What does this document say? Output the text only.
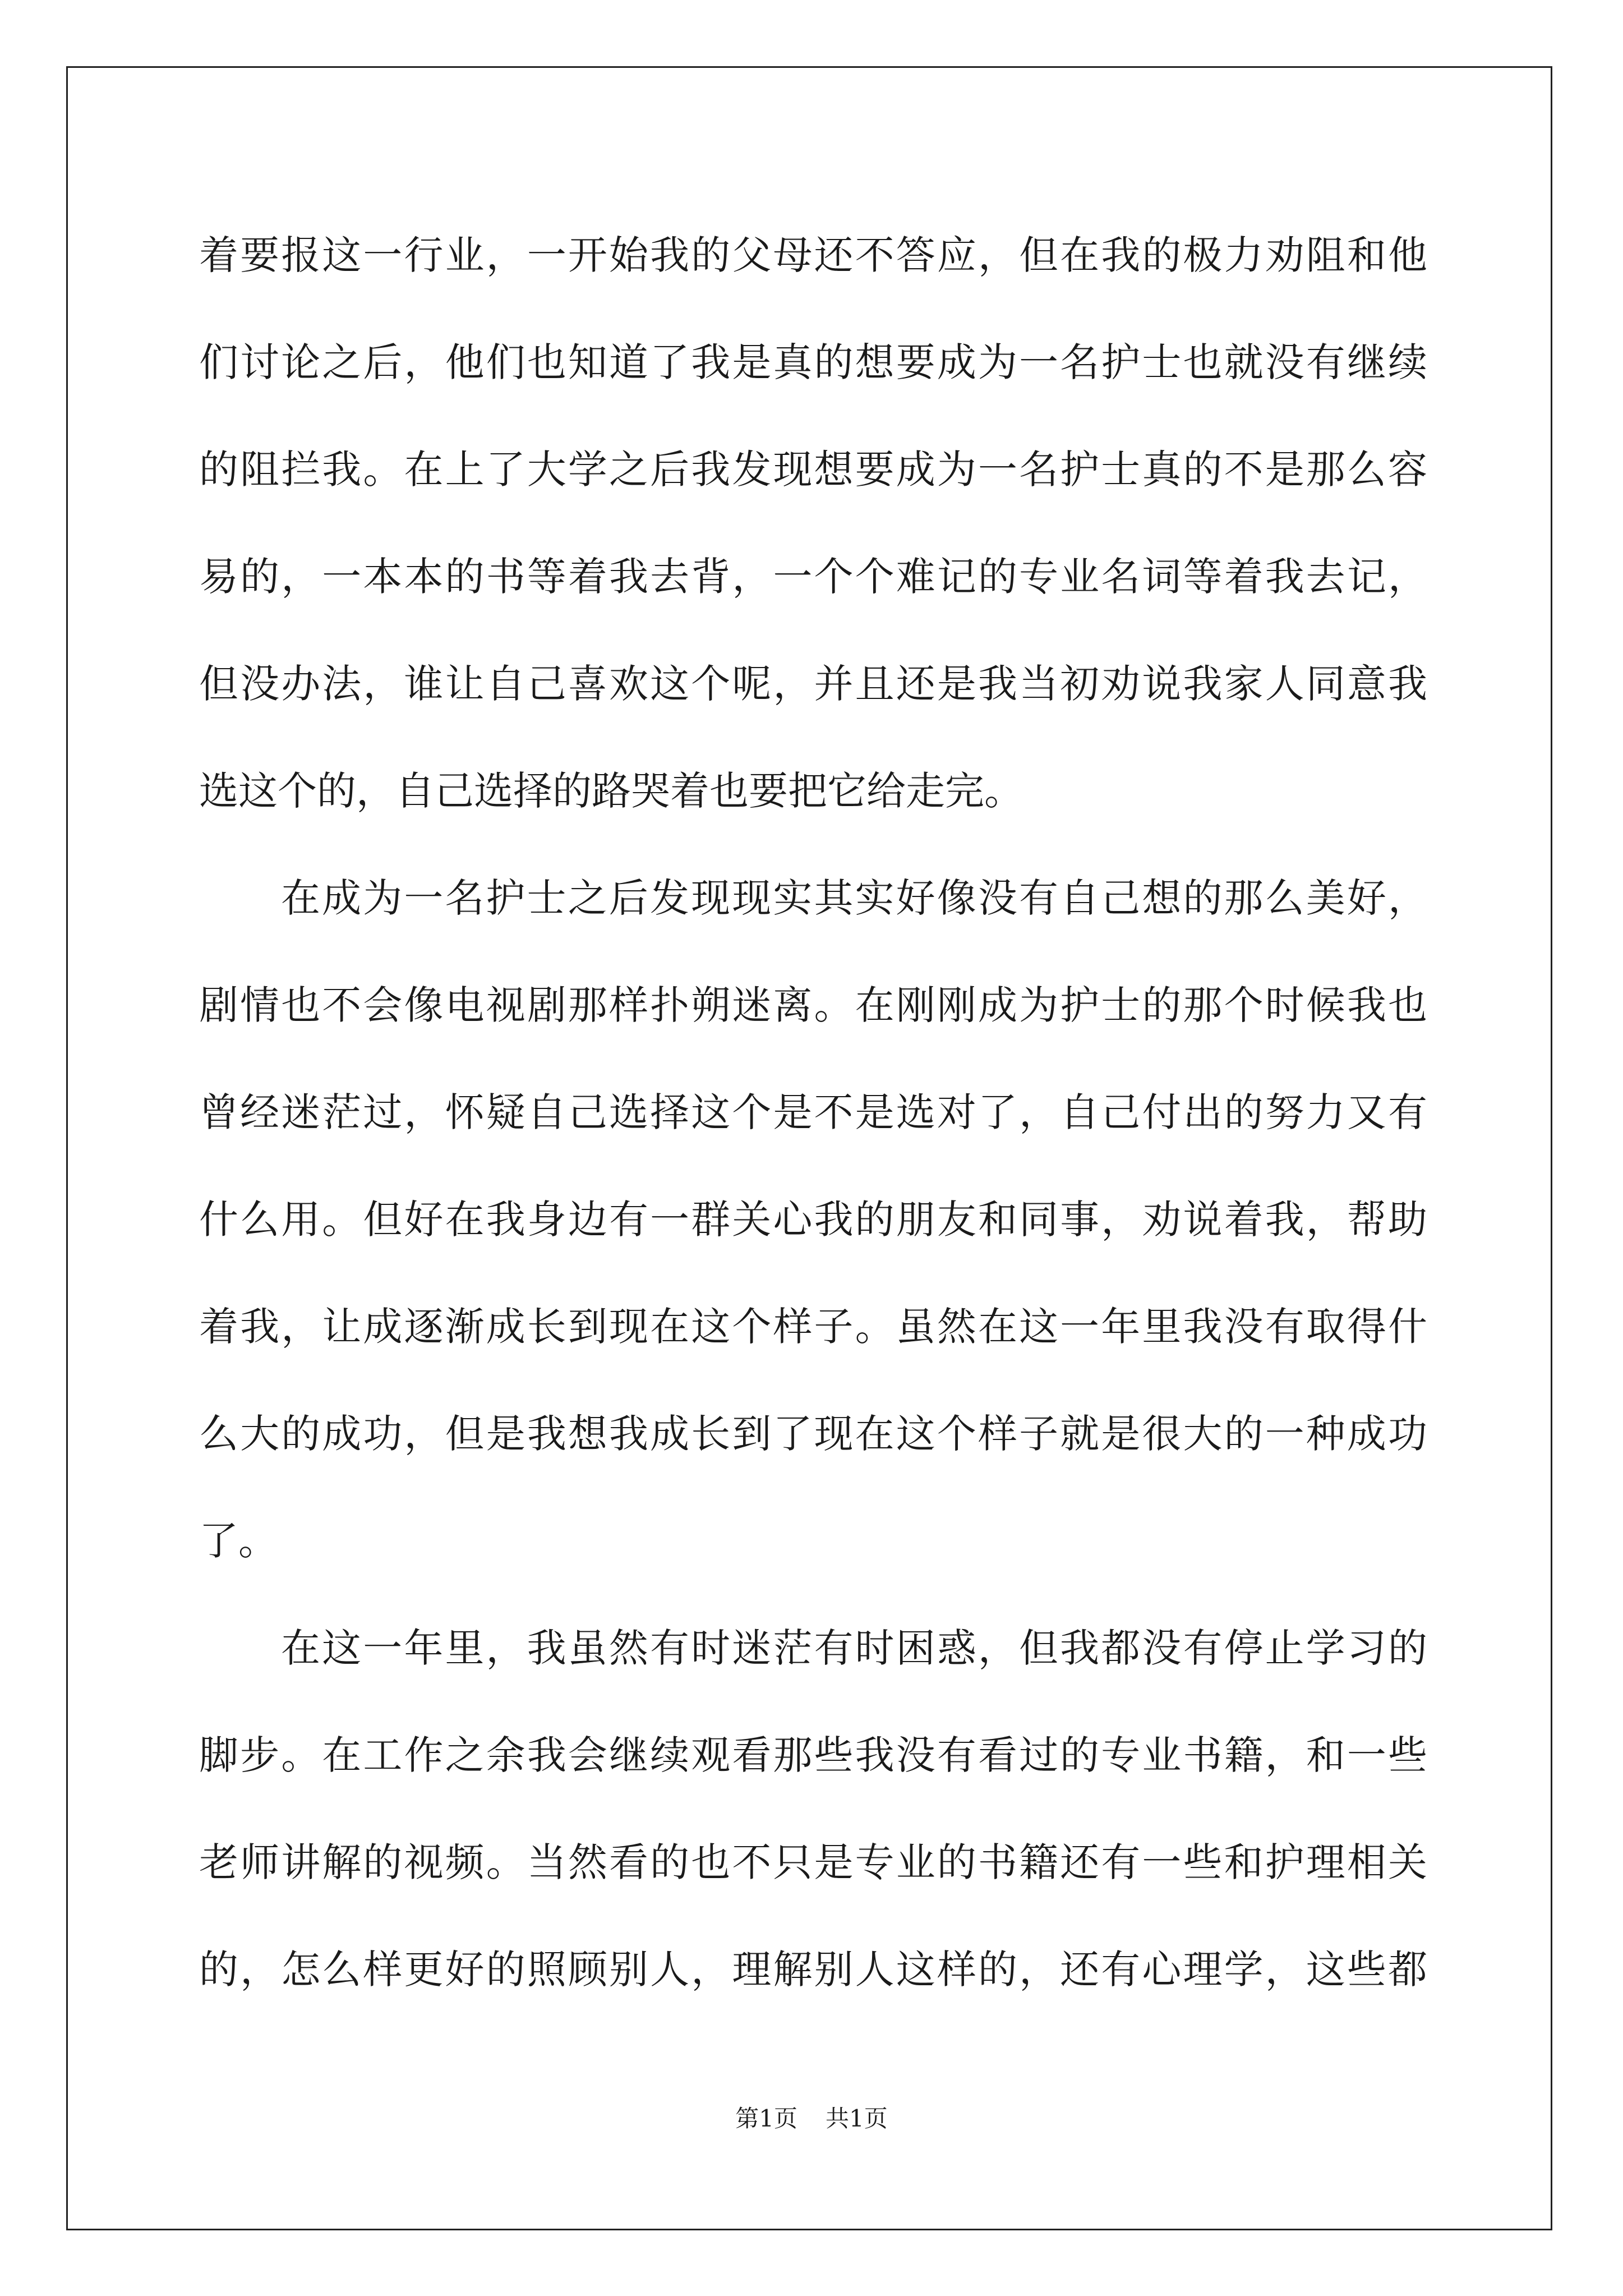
着要报这一行业，一开始我的父母还不答应，但在我的极力劝阻和他
们讨论之后，他们也知道了我是真的想要成为一名护士也就没有继续
的阻拦我。在上了大学之后我发现想要成为一名护士真的不是那么容
易的，一本本的书等着我去背，一个个难记的专业名词等着我去记，
但没办法，谁让自己喜欢这个呢，并且还是我当初劝说我家人同意我
选这个的，自己选择的路哭着也要把它给走完。
在成为一名护士之后发现现实其实好像没有自己想的那么美好，
剧情也不会像电视剧那样扑朔迷离。在刚刚成为护士的那个时候我也
曾经迷茫过，怀疑自己选择这个是不是选对了，自己付出的努力又有
什么用。但好在我身边有一群关心我的朋友和同事，劝说着我，帮助
着我，让成逐渐成长到现在这个样子。虽然在这一年里我没有取得什
么大的成功，但是我想我成长到了现在这个样子就是很大的一种成功
了。
在这一年里，我虽然有时迷茫有时困惑，但我都没有停止学习的
脚步。在工作之余我会继续观看那些我没有看过的专业书籍，和一些
老师讲解的视频。当然看的也不只是专业的书籍还有一些和护理相关
的，怎么样更好的照顾别人，理解别人这样的，还有心理学，这些都
第1页 共1页
